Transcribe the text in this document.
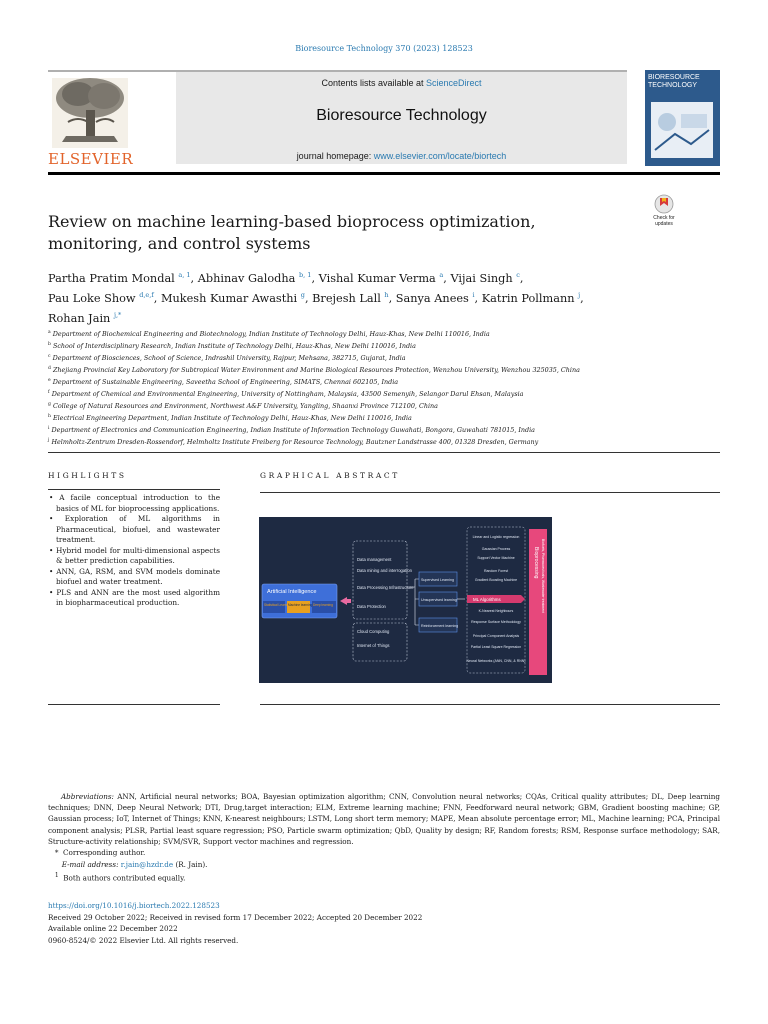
Bioresource Technology 370 (2023) 128523
ELSEVIER
Contents lists available at ScienceDirect
Bioresource Technology
journal homepage: www.elsevier.com/locate/biortech
BIORESOURCE TECHNOLOGY
Review on machine learning-based bioprocess optimization, monitoring, and control systems
Check for updates
Partha Pratim Mondal $^{a, 1}$, Abhinav Galodha $^{b, 1}$, Vishal Kumar Verma $^a$, Vijai Singh $^c$,
Pau Loke Show $^{d,e,f}$, Mukesh Kumar Awasthi $^g$, Brejesh Lall $^h$, Sanya Anees $^i$, Katrin Pollmann $^j$,
Rohan Jain $^{j,*}$
$^a$ Department of Biochemical Engineering and Biotechnology, Indian Institute of Technology Delhi, Hauz-Khas, New Delhi 110016, India
$^b$ School of Interdisciplinary Research, Indian Institute of Technology Delhi, Hauz-Khas, New Delhi 110016, India
$^c$ Department of Biosciences, School of Science, Indrashil University, Rajpur, Mehsana, 382715, Gujarat, India
$^d$ Zhejiang Provincial Key Laboratory for Subtropical Water Environment and Marine Biological Resources Protection, Wenzhou University, Wenzhou 325035, China
$^e$ Department of Sustainable Engineering, Saveetha School of Engineering, SIMATS, Chennai 602105, India
$^f$ Department of Chemical and Environmental Engineering, University of Nottingham, Malaysia, 43500 Semenyih, Selangor Darul Ehsan, Malaysia
$^g$ College of Natural Resources and Environment, Northwest A&F University, Yangling, Shaanxi Province 712100, China
$^h$ Electrical Engineering Department, Indian Institute of Technology Delhi, Hauz-Khas, New Delhi 110016, India
$^i$ Department of Electronics and Communication Engineering, Indian Institute of Information Technology Guwahati, Bongora, Guwahati 781015, India
$^j$ Helmholtz-Zentrum Dresden-Rossendorf, Helmholtz Institute Freiberg for Resource Technology, Bautzner Landstrasse 400, 01328 Dresden, Germany
HIGHLIGHTS

• A facile conceptual introduction to the basics of ML for bioprocessing applications.

• Exploration of ML algorithms in Pharmaceutical, biofuel, and wastewater treatment.

• Hybrid model for multi-dimensional aspects & better prediction capabilities.

• ANN, GA, RSM, and SVM models dominate biofuel and water treatment.

• PLS and ANN are the most used algorithm in biopharmaceutical production.

GRAPHICAL ABSTRACT
Artificial Intelligence
Statistical Learning
Machine learning Deep learning
Data management
Data mining and interrogation
Data Processing Infrastructure
Data Protection
Cloud Computing
Internet of Things
Supervised Learning
Unsupervised learning
Reinforcement learning
ML Algorithms
Linear and Logistic regression
Gaussian Process
Support Vector Machine
Random Forest
Gradient Boosting Machine
K-Nearest Neighbours
Response Surface Methodology
Principal Component Analysis
Partial Least Square Regression
Neural Networks (ANN, CNN, & RNN)
Bioprocessing Biofuels, Pharmaceuticals, Wastewater treatment
Abbreviations: ANN, Artificial neural networks; BOA, Bayesian optimization algorithm; CNN, Convolution neural networks; CQAs, Critical quality attributes; DL, Deep learning techniques; DNN, Deep Neural Network; DTI, Drug,target interaction; ELM, Extreme learning machine; FNN, Feedforward neural network; GBM, Gradient boosting machine; GP, Gaussian process; IoT, Internet of Things; KNN, K-nearest neighbours; LSTM, Long short term memory; MAPE, Mean absolute percentage error; ML, Machine learning; PCA, Principal component analysis; PLSR, Partial least square regression; PSO, Particle swarm optimization; QbD, Quality by design; RF, Random forests; RSM, Response surface methodology; SAR, Structure-activity relationship; SVM/SVR, Support vector machines and regression.
*  Corresponding author.
E-mail address: r.jain@hzdr.de (R. Jain).
$^1$ Both authors contributed equally.
https://doi.org/10.1016/j.biortech.2022.128523
Received 29 October 2022; Received in revised form 17 December 2022; Accepted 20 December 2022
Available online 22 December 2022
0960-8524/© 2022 Elsevier Ltd. All rights reserved.
